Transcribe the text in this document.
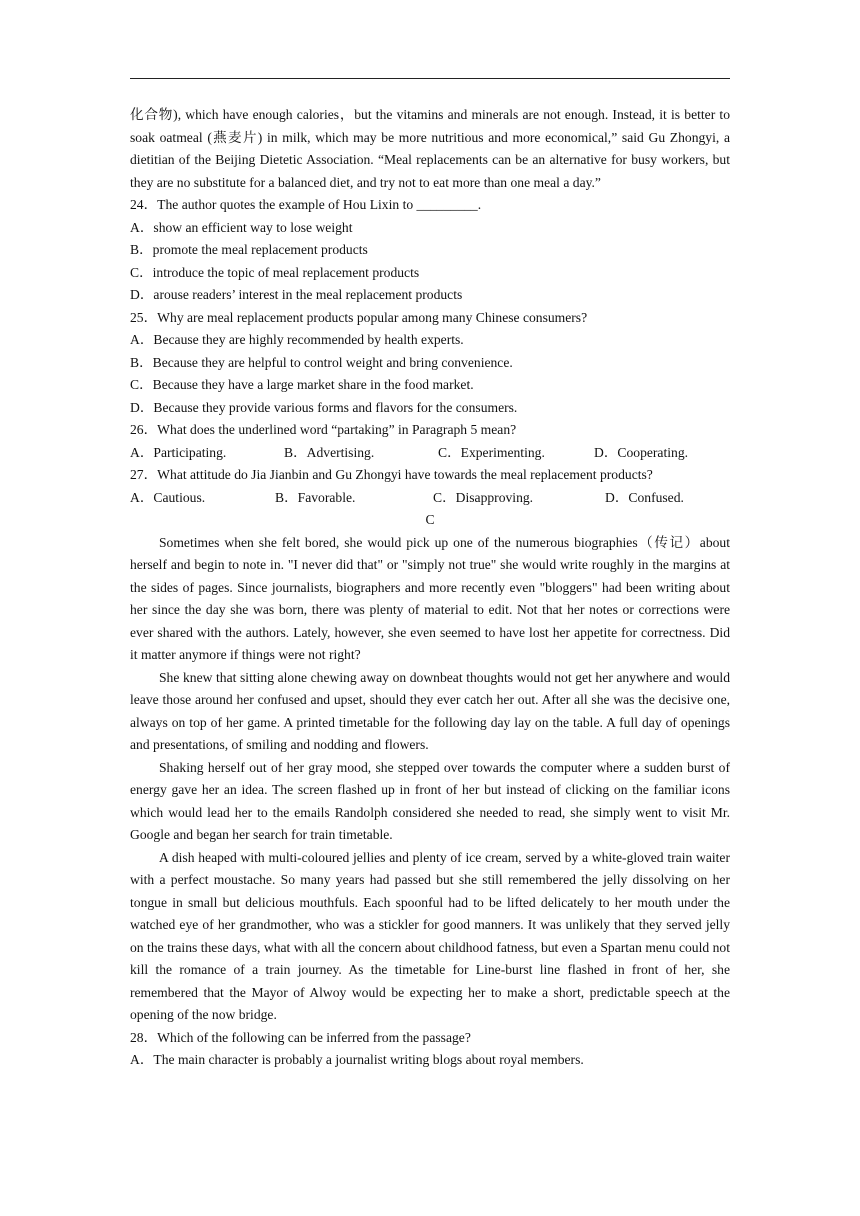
化合物), which have enough calories，but the vitamins and minerals are not enough. Instead, it is better to soak oatmeal (燕麦片) in milk, which may be more nutritious and more economical,” said Gu Zhongyi, a dietitian of the Beijing Dietetic Association. “Meal replacements can be an alternative for busy workers, but they are no substitute for a balanced diet, and try not to eat more than one meal a day.”

24．The author quotes the example of Hou Lixin to _________.

A．show an efficient way to lose weight

B．promote the meal replacement products

C．introduce the topic of meal replacement products

D．arouse readers’ interest in the meal replacement products

25．Why are meal replacement products popular among many Chinese consumers?

A．Because they are highly recommended by health experts.

B．Because they are helpful to control weight and bring convenience.

C．Because they have a large market share in the food market.

D．Because they provide various forms and flavors for the consumers.

26．What does the underlined word “partaking” in Paragraph 5 mean?

A．Participating.	B．Advertising.	C．Experimenting.	D．Cooperating.

27．What attitude do Jia Jianbin and Gu Zhongyi have towards the meal replacement products?

A．Cautious.	B．Favorable.	C．Disapproving.	D．Confused.

C

Sometimes when she felt bored, she would pick up one of the numerous biographies（传记）about herself and begin to note in. "I never did that" or "simply not true" she would write roughly in the margins at the sides of pages. Since journalists, biographers and more recently even "bloggers" had been writing about her since the day she was born, there was plenty of material to edit. Not that her notes or corrections were ever shared with the authors. Lately, however, she even seemed to have lost her appetite for correctness. Did it matter anymore if things were not right?

She knew that sitting alone chewing away on downbeat thoughts would not get her anywhere and would leave those around her confused and upset, should they ever catch her out. After all she was the decisive one, always on top of her game. A printed timetable for the following day lay on the table. A full day of openings and presentations, of smiling and nodding and flowers.

Shaking herself out of her gray mood, she stepped over towards the computer where a sudden burst of energy gave her an idea. The screen flashed up in front of her but instead of clicking on the familiar icons which would lead her to the emails Randolph considered she needed to read, she simply went to visit Mr. Google and began her search for train timetable.

A dish heaped with multi-coloured jellies and plenty of ice cream, served by a white-gloved train waiter with a perfect moustache. So many years had passed but she still remembered the jelly dissolving on her tongue in small but delicious mouthfuls. Each spoonful had to be lifted delicately to her mouth under the watched eye of her grandmother, who was a stickler for good manners. It was unlikely that they served jelly on the trains these days, what with all the concern about childhood fatness, but even a Spartan menu could not kill the romance of a train journey. As the timetable for Line-burst line flashed in front of her, she remembered that the Mayor of Alwoy would be expecting her to make a short, predictable speech at the opening of the now bridge.

28．Which of the following can be inferred from the passage?

A．The main character is probably a journalist writing blogs about royal members.
